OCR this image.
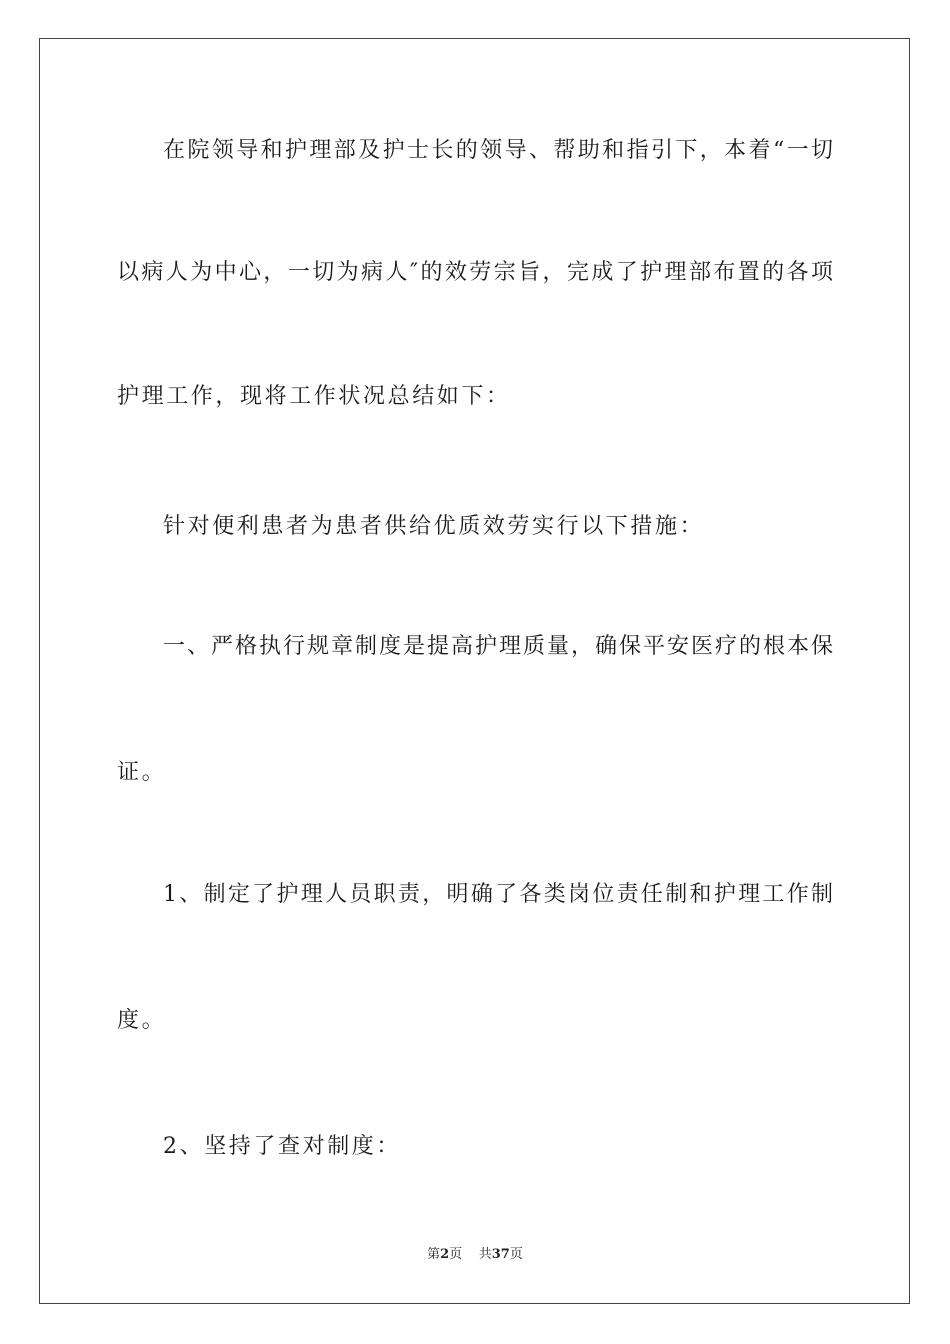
在院领导和护理部及护士长的领导、帮助和指引下，本着“一切
以病人为中心，一切为病人″的效劳宗旨，完成了护理部布置的各项
护理工作，现将工作状况总结如下：
针对便利患者为患者供给优质效劳实行以下措施：
一、严格执行规章制度是提高护理质量，确保平安医疗的根本保
证。
1、制定了护理人员职责，明确了各类岗位责任制和护理工作制
度。
2、坚持了查对制度：
第2页 共37页
